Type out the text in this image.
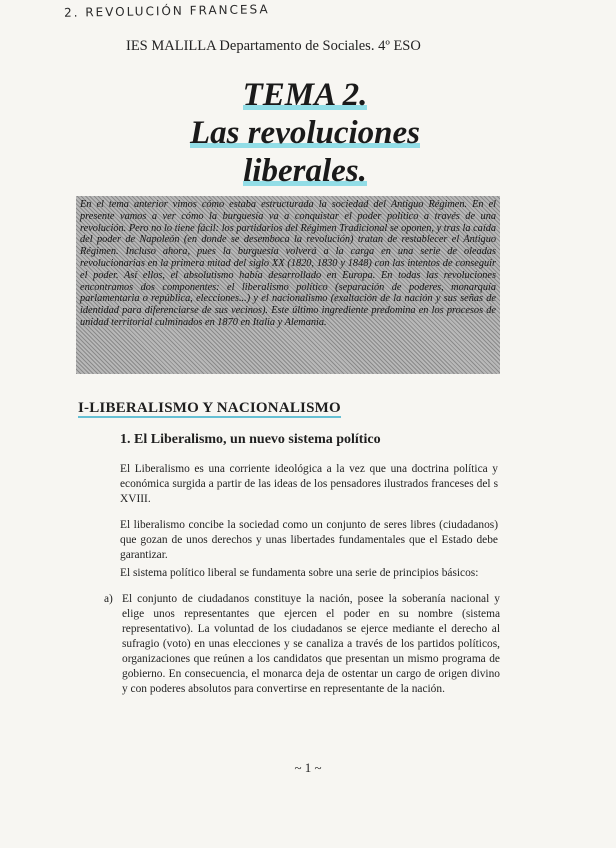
2. REVOLUCIÓN FRANCESA
IES MALILLA Departamento de Sociales. 4º ESO
TEMA 2.
Las revoluciones
liberales.
En el tema anterior vimos cómo estaba estructurada la sociedad del Antiguo Régimen. En el presente vamos a ver cómo la burguesía va a conquistar el poder político a través de una revolución. Pero no lo tiene fácil: los partidarios del Régimen Tradicional se oponen, y tras la caída del poder de Napoleón (en donde se desemboca la revolución) tratan de restablecer el Antiguo Régimen. Incluso ahora, pues la burguesía volverá a la carga en una serie de oleadas revolucionarias en la primera mitad del siglo XX (1820, 1830 y 1848) con las intentos de conseguir el poder. Así ellos, el absolutismo había desarrollado en Europa. En todas las revoluciones encontramos dos componentes: el liberalismo político (separación de poderes, monarquía parlamentaria o república, elecciones...) y el nacionalismo (exaltación de la nación y sus señas de identidad para diferenciarse de sus vecinos). Este último ingrediente predomina en los procesos de unidad territorial culminados en 1870 en Italia y Alemania.
I-LIBERALISMO Y NACIONALISMO
1. El Liberalismo, un nuevo sistema político
El Liberalismo es una corriente ideológica a la vez que una doctrina política y económica surgida a partir de las ideas de los pensadores ilustrados franceses del s XVIII.
El liberalismo concibe la sociedad como un conjunto de seres libres (ciudadanos) que gozan de unos derechos y unas libertades fundamentales que el Estado debe garantizar.
El sistema político liberal se fundamenta sobre una serie de principios básicos:
a) El conjunto de ciudadanos constituye la nación, posee la soberanía nacional y elige unos representantes que ejercen el poder en su nombre (sistema representativo). La voluntad de los ciudadanos se ejerce mediante el derecho al sufragio (voto) en unas elecciones y se canaliza a través de los partidos políticos, organizaciones que reúnen a los candidatos que presentan un mismo programa de gobierno. En consecuencia, el monarca deja de ostentar un cargo de origen divino y con poderes absolutos para convertirse en representante de la nación.
~ 1 ~
